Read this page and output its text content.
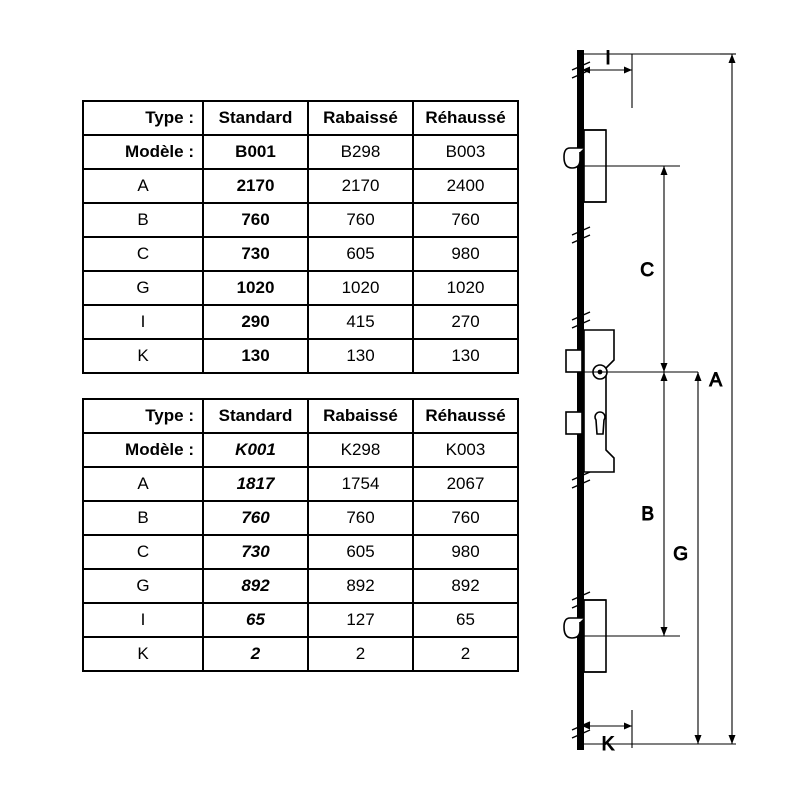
Type :	Standard	Rabaissé	Réhaussé
Modèle :	B001	B298	B003
A	2170	2170	2400
B	760	760	760
C	730	605	980
G	1020	1020	1020
I	290	415	270
K	130	130	130
Type :	Standard	Rabaissé	Réhaussé
Modèle :	K001	K298	K003
A	1817	1754	2067
B	760	760	760
C	730	605	980
G	892	892	892
I	65	127	65
K	2	2	2
I
C
B
G
A
K
